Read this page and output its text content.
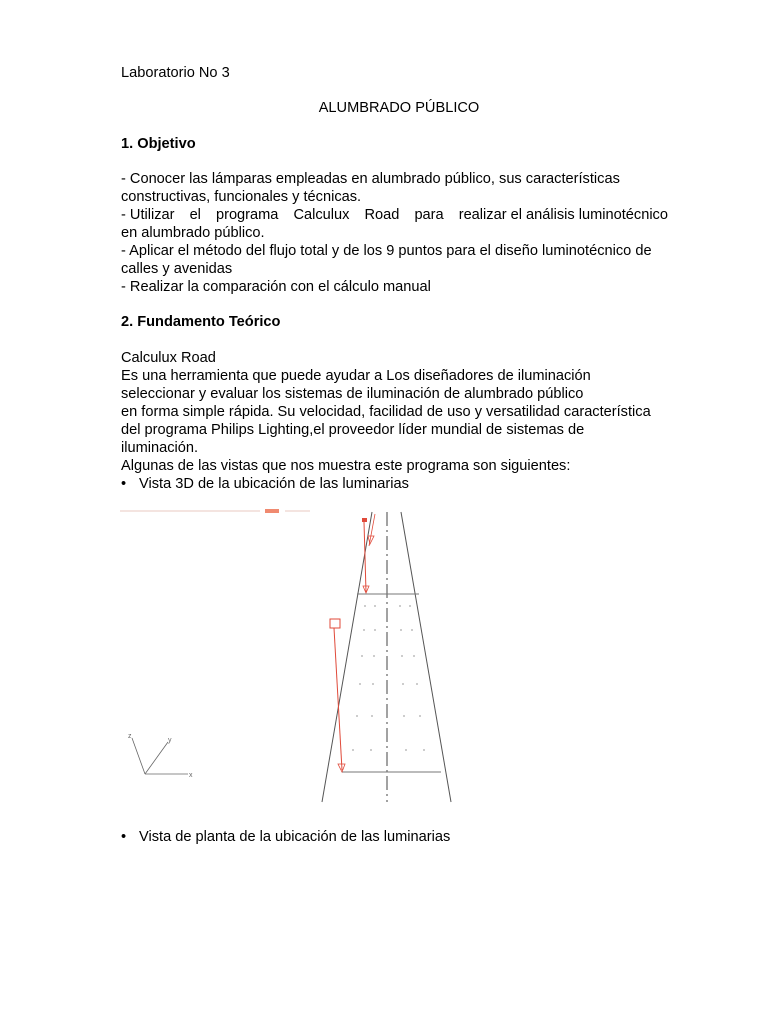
Laboratorio No 3

ALUMBRADO PÚBLICO

1. Objetivo

- Conocer las lámparas empleadas en alumbrado público, sus características

constructivas, funcionales y técnicas.

- Utilizar el programa Calculux Road para realizar el análisis luminotécnico

en alumbrado público.

- Aplicar el método del flujo total y de los 9 puntos para el diseño luminotécnico de

calles y avenidas

- Realizar la comparación con el cálculo manual

2. Fundamento Teórico

Calculux Road

Es una herramienta que puede ayudar a Los diseñadores de iluminación

seleccionar y evaluar los sistemas de iluminación de alumbrado público

en forma simple rápida. Su velocidad, facilidad de uso y versatilidad característica

del programa Philips Lighting,el proveedor líder mundial de sistemas de

iluminación.

Algunas de las vistas que nos muestra este programa son siguientes:

• Vista 3D de la ubicación de las luminarias

x
y
z

• Vista de planta de la ubicación de las luminarias
